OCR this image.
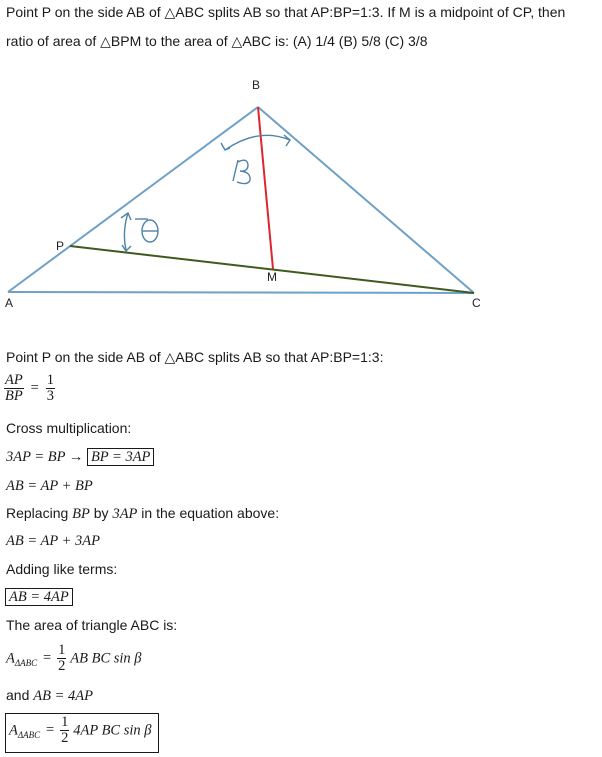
Point P on the side AB of △ABC splits AB so that AP:BP=1:3. If M is a midpoint of CP, then
ratio of area of △BPM to the area of △ABC is: (A) 1/4 (B) 5/8 (C) 3/8
B
A	C
P
M
Point P on the side AB of △ABC splits AB so that AP:BP=1:3:
$\frac{AP}{BP} = \frac{1}{3}$
Cross multiplication:
3AP = BP → BP = 3AP
AB = AP + BP
Replacing BP by 3AP in the equation above:
AB = AP + 3AP
Adding like terms:
AB = 4AP
The area of triangle ABC is:
$A_{\Delta ABC} = \frac{1}{2}$ AB BC sin β
and AB = 4AP
$A_{\Delta ABC} = \frac{1}{2} 4AP$ BC sin β
